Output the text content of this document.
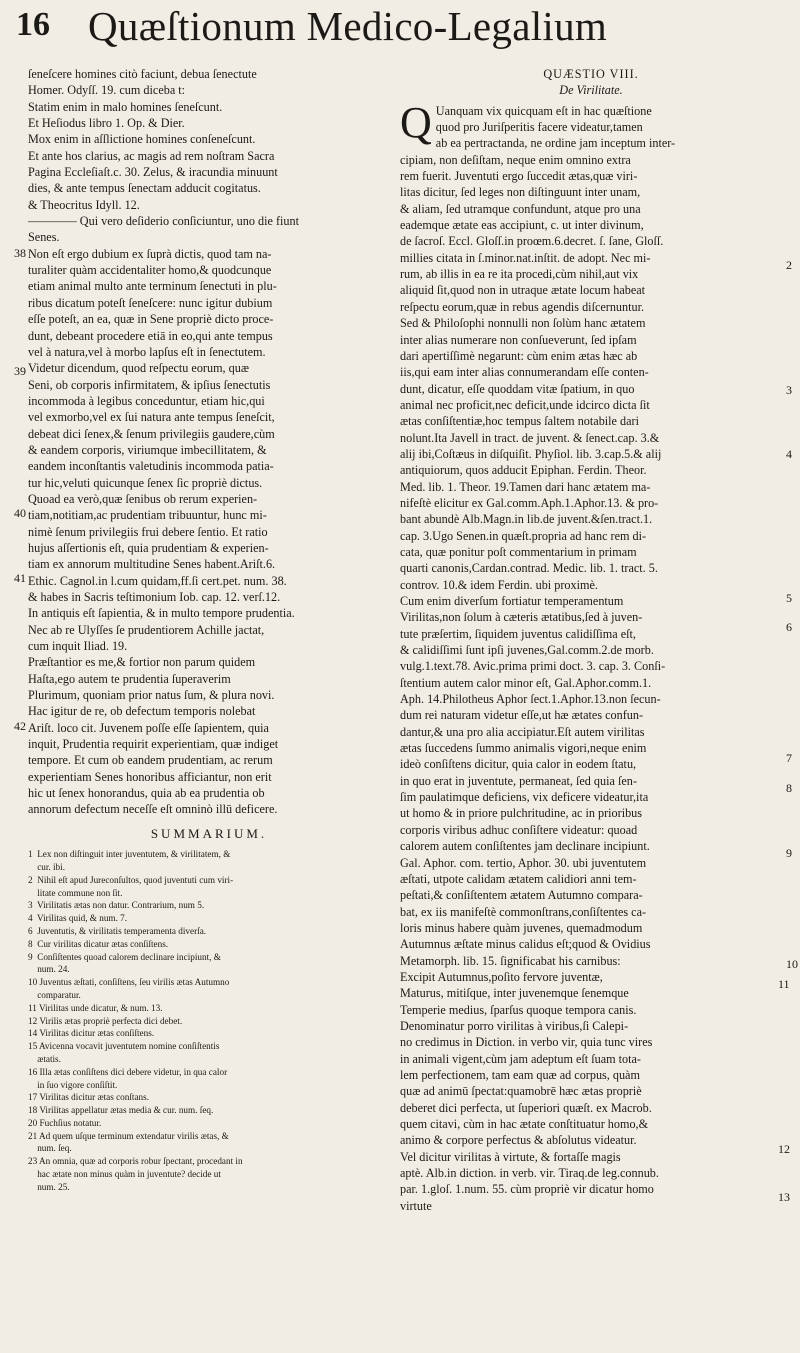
16 Quæſtionum Medico-Legalium
ſeneſcere homines citò faciunt, debua ſenectute
Homer. Odyſſ. 19. cum diceba t:
Statim enim in malo homines ſeneſcunt.
Et Heſiodus libro 1. Op. & Dier.
Mox enim in aſſlictione homines conſeneſcunt.
Et ante hos clarius, ac magis ad rem noſtram Sacra
Pagina Eccleſiaſt.c. 30. Zelus, & iracundia minuunt
dies, & ante tempus ſenectam adducit cogitatus.
& Theocritus Idyll. 12.
———— Qui vero deſiderio conſiciuntur, uno die fiunt
Senes.
Non eſt ergo dubium ex ſuprà dictis, quod tam na-
turaliter quàm accidentaliter homo,& quodcunque
etiam animal multo ante terminum ſenectuti in plu-
ribus dicatum poteſt ſeneſcere: nunc igitur dubium
eſſe poteſt, an ea, quæ in Sene propriè dicto proce-
dunt, debeant procedere etiā in eo,qui ante tempus
vel à natura,vel à morbo lapſus eſt in ſenectutem.
Videtur dicendum, quod reſpectu eorum, quæ
Seni, ob corporis infirmitatem, & ipſius ſenectutis
incommoda à legibus conceduntur, etiam hic,qui
vel exmorbo,vel ex ſui natura ante tempus ſeneſcit,
debeat dici ſenex,& ſenum privilegiis gaudere,cùm
& eandem corporis, viriumque imbecillitatem, &
eandem inconſtantis valetudinis incommoda patia-
tur hic,veluti quicunque ſenex ſic propriè dictus.
Quoad ea verò,quæ ſenibus ob rerum experien-
tiam,notitiam,ac prudentiam tribuuntur, hunc mi-
nimè ſenum privilegiis frui debere ſentio. Et ratio
hujus aſſertionis eſt, quia prudentiam & experien-
tiam ex annorum multitudine Senes habent.Ariſt.6.
Ethic. Cagnol.in l.cum quidam,ff.ſi cert.pet. num. 38.
& habes in Sacris teſtimonium Iob. cap. 12. verſ.12.
In antiquis eſt ſapientia, & in multo tempore prudentia.
Nec ab re Ulyſſes ſe prudentiorem Achille jactat,
cum inquit Iliad. 19.
Præſtantior es me,& fortior non parum quidem
Haſta,ego autem te prudentia ſuperaverim
Plurimum, quoniam prior natus ſum, & plura novi.
Hac igitur de re, ob defectum temporis nolebat
Ariſt. loco cit. Juvenem poſſe eſſe ſapientem, quia
inquit, Prudentia requirit experientiam, quæ indiget
tempore. Et cum ob eandem prudentiam, ac rerum
experientiam Senes honoribus afficiantur, non erit
hic ut ſenex honorandus, quia ab ea prudentia ob
annorum defectum neceſſe eſt omninò illū deficere.
SUMMARIUM.
1  Lex non diſtinguit inter juventutem, & virilitatem, &
cur. ibi.
2  Nihil eſt apud Jureconſultos, quod juventuti cum viri-
litate commune non ſit.
3  Virilitatis ætas non datur. Contrarium, num 5.
4  Virilitas quid, & num. 7.
6  Juventutis, & virilitatis temperamenta diverſa.
8  Cur virilitas dicatur ætas conſiſtens.
9  Conſiſtentes quoad calorem declinare incipiunt, &
num. 24.
10 Juventus æſtati, conſiſtens, ſeu virilis ætas Autumno
comparatur.
11 Virilitas unde dicatur, & num. 13.
12 Virilis ætas propriè perfecta dici debet.
14 Virilitas dicitur ætas conſiſtens.
15 Avicenna vocavit juventutem nomine conſiſtentis
ætatis.
16 Illa ætas conſiſtens dici debere videtur, in qua calor
in ſuo vigore conſiſtit.
17 Virilitas dicitur ætas conſtans.
18 Virilitas appellatur ætas media & cur. num. ſeq.
20 Fuchſius notatur.
21 Ad quem uſque terminum extendatur virilis ætas, &
num. ſeq.
23 An omnia, quæ ad corporis robur ſpectant, procedant in
hac ætate non minus quàm in juventute? decide ut
num. 25.
QUÆSTIO VIII.
De Virilitate.
Q Uanquam vix quicquam eſt in hac quæſtione
quod pro Juriſperitis facere videatur,tamen
ab ea pertractanda, ne ordine jam inceptum inter-
cipiam, non deſiſtam, neque enim omnino extra
rem fuerit. Juventuti ergo ſuccedit ætas,quæ viri-
litas dicitur, ſed leges non diſtinguunt inter unam,
& aliam, ſed utramque confundunt, atque pro una
eademque ætate eas accipiunt, c. ut inter divinum,
de ſacroſ. Eccl. Gloſſ.in proœm.6.decret. ſ. ſane, Gloſſ.
millies citata in ſ.minor.nat.inſtit. de adopt. Nec mi-
rum, ab illis in ea re ita procedi,cùm nihil,aut vix
aliquid ſit,quod non in utraque ætate locum habeat
reſpectu eorum,quæ in rebus agendis diſcernuntur.
Sed & Philoſophi nonnulli non ſolùm hanc ætatem
inter alias numerare non conſueverunt, ſed ipſam
dari apertiſſimè negarunt: cùm enim ætas hæc ab
iis,qui eam inter alias connumerandam eſſe conten-
dunt, dicatur, eſſe quoddam vitæ ſpatium, in quo
animal nec proficit,nec deficit,unde idcirco dicta ſit
ætas conſiſtentiæ,hoc tempus ſaltem notabile dari
nolunt.Ita Javell in tract. de juvent. & ſenect.cap. 3.&
alij ibi,Coſtæus in diſquiſit. Phyſiol. lib. 3.cap.5.& alij
antiquiorum, quos adducit Epiphan. Ferdin. Theor.
Med. lib. 1. Theor. 19.Tamen dari hanc ætatem ma-
nifeſtè elicitur ex Gal.comm.Aph.1.Aphor.13. & pro-
bant abundè Alb.Magn.in lib.de juvent.&ſen.tract.1.
cap. 3.Ugo Senen.in quæſt.propria ad hanc rem di-
cata, quæ ponitur poſt commentarium in primam
quarti canonis,Cardan.contrad. Medic. lib. 1. tract. 5.
controv. 10.& idem Ferdin. ubi proximè.
Cum enim diverſum fortiatur temperamentum
Virilitas,non ſolum à cæteris ætatibus,ſed à juven-
tute præſertim, ſiquidem juventus calidiſſima eſt,
& calidiſſimi ſunt ipſi juvenes,Gal.comm.2.de morb.
vulg.1.text.78. Avic.prima primi doct. 3. cap. 3. Conſi-
ſtentium autem calor minor eſt, Gal.Aphor.comm.1.
Aph. 14.Philotheus Aphor ſect.1.Aphor.13.non ſecun-
dum rei naturam videtur eſſe,ut hæ ætates confun-
dantur,& una pro alia accipiatur.Eſt autem virilitas
ætas ſuccedens ſummo animalis vigori,neque enim
ideò conſiſtens dicitur, quia calor in eodem ſtatu,
in quo erat in juventute, permaneat, ſed quia ſen-
ſim paulatimque deficiens, vix deficere videatur,ita
ut homo & in priore pulchritudine, ac in prioribus
corporis viribus adhuc conſiſtere videatur: quoad
calorem autem conſiſtentes jam declinare incipiunt.
Gal. Aphor. com. tertio, Aphor. 30. ubi juventutem
æſtati, utpote calidam ætatem calidiori anni tem-
peſtati,& conſiſtentem ætatem Autumno compara-
bat, ex iis manifeſtè commonſtrans,conſiſtentes ca-
loris minus habere quàm juvenes, quemadmodum
Autumnus æſtate minus calidus eſt;quod & Ovidius
Metamorph. lib. 15. ſignificabat his carnibus:
Excipit Autumnus,poſito fervore juventæ,
Maturus, mitiſque, inter juvenemque ſenemque
Temperie medius, ſparſus quoque tempora canis.
Denominatur porro virilitas à viribus,ſi Calepi-
no credimus in Diction. in verbo vir, quia tunc vires
in animali vigent,cùm jam adeptum eſt ſuam tota-
lem perfectionem, tam eam quæ ad corpus, quàm
quæ ad animū ſpectat:quamobrē hæc ætas propriè
deberet dici perfecta, ut ſuperiori quæſt. ex Macrob.
quem citavi, cùm in hac ætate conſtituatur homo,&
animo & corpore perfectus & abſolutus videatur.
Vel dicitur virilitas à virtute, & fortaſſe magis
aptè. Alb.in diction. in verb. vir. Tiraq.de leg.connub.
par. 1.gloſ. 1.num. 55. cùm propriè vir dicatur homo
virtute
38
39
40
41
42
2
3
4
5
6
7
8
9
10
11
12
13
